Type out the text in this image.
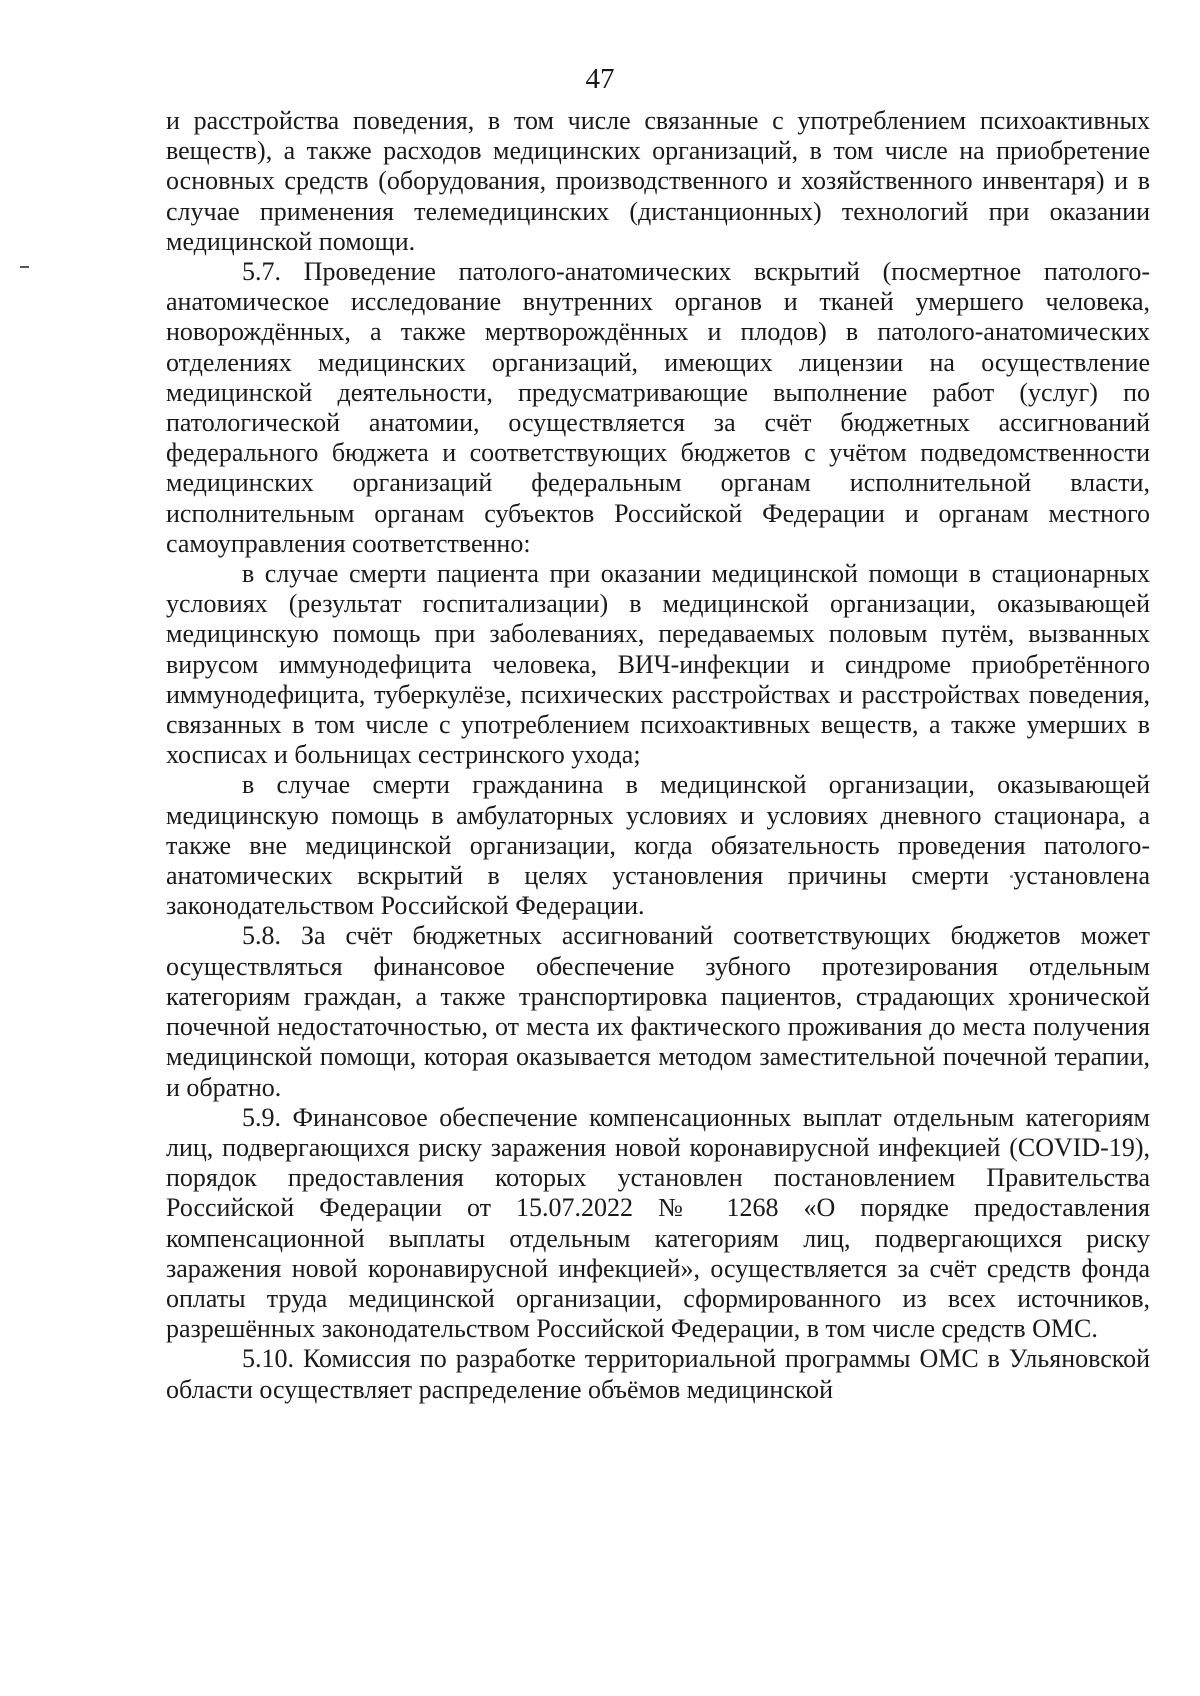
47

и расстройства поведения, в том числе связанные с употреблением психоактивных веществ), а также расходов медицинских организаций, в том числе на приобретение основных средств (оборудования, производственного и хозяйственного инвентаря) и в случае применения телемедицинских (дистанционных) технологий при оказании медицинской помощи.

5.7. Проведение патолого-анатомических вскрытий (посмертное патолого-анатомическое исследование внутренних органов и тканей умершего человека, новорождённых, а также мертворождённых и плодов) в патолого-анатомических отделениях медицинских организаций, имеющих лицензии на осуществление медицинской деятельности, предусматривающие выполнение работ (услуг) по патологической анатомии, осуществляется за счёт бюджетных ассигнований федерального бюджета и соответствующих бюджетов с учётом подведомственности медицинских организаций федеральным органам исполнительной власти, исполнительным органам субъектов Российской Федерации и органам местного самоуправления соответственно:

в случае смерти пациента при оказании медицинской помощи в стационарных условиях (результат госпитализации) в медицинской организации, оказывающей медицинскую помощь при заболеваниях, передаваемых половым путём, вызванных вирусом иммунодефицита человека, ВИЧ-инфекции и синдроме приобретённого иммунодефицита, туберкулёзе, психических расстройствах и расстройствах поведения, связанных в том числе с употреблением психоактивных веществ, а также умерших в хосписах и больницах сестринского ухода;

в случае смерти гражданина в медицинской организации, оказывающей медицинскую помощь в амбулаторных условиях и условиях дневного стационара, а также вне медицинской организации, когда обязательность проведения патолого-анатомических вскрытий в целях установления причины смерти установлена законодательством Российской Федерации.

5.8. За счёт бюджетных ассигнований соответствующих бюджетов может осуществляться финансовое обеспечение зубного протезирования отдельным категориям граждан, а также транспортировка пациентов, страдающих хронической почечной недостаточностью, от места их фактического проживания до места получения медицинской помощи, которая оказывается методом заместительной почечной терапии, и обратно.

5.9. Финансовое обеспечение компенсационных выплат отдельным категориям лиц, подвергающихся риску заражения новой коронавирусной инфекцией (COVID-19), порядок предоставления которых установлен постановлением Правительства Российской Федерации от 15.07.2022 № 1268 «О порядке предоставления компенсационной выплаты отдельным категориям лиц, подвергающихся риску заражения новой коронавирусной инфекцией», осуществляется за счёт средств фонда оплаты труда медицинской организации, сформированного из всех источников, разрешённых законодательством Российской Федерации, в том числе средств ОМС.

5.10. Комиссия по разработке территориальной программы ОМС в Ульяновской области осуществляет распределение объёмов медицинской
